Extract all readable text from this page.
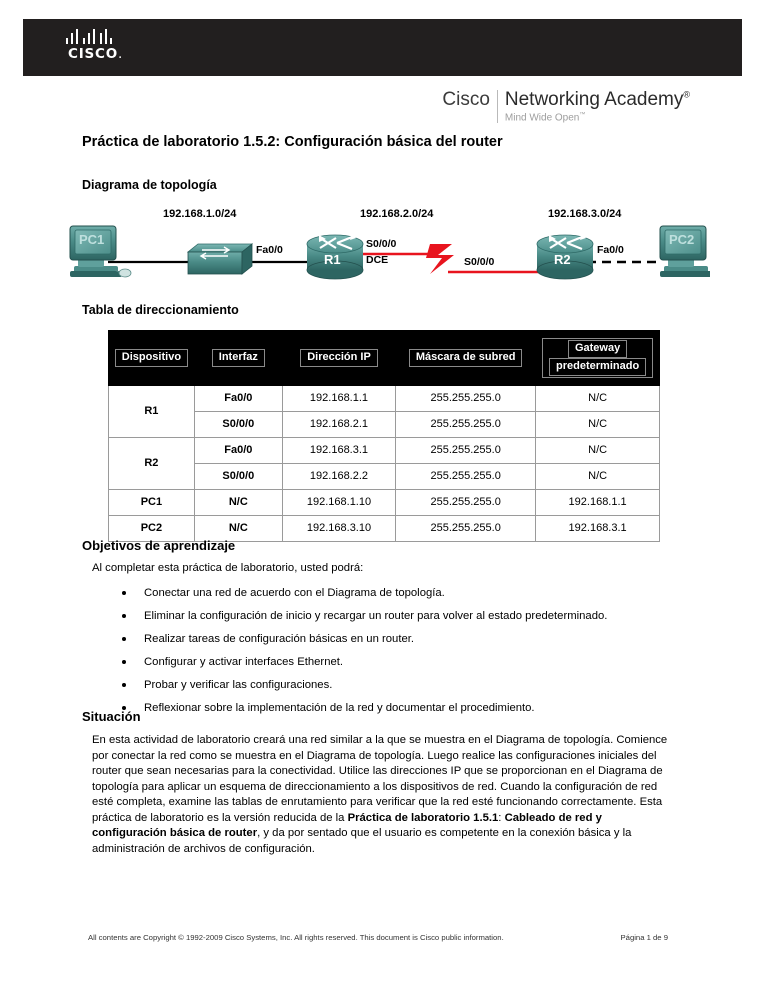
CISCO.
Cisco Networking Academy®
Mind Wide Open™
Práctica de laboratorio 1.5.2: Configuración básica del router
Diagrama de topología
192.168.1.0/24	192.168.2.0/24	192.168.3.0/24
PC1
R1	R2
PC2
Fa0/0	S0/0/0
DCE	S0/0/0
Fa0/0
Tabla de direccionamiento
Dispositivo	Interfaz	Dirección IP	Máscara de subred	Gateway
predeterminado
R1	Fa0/0	192.168.1.1	255.255.255.0	N/C
	S0/0/0	192.168.2.1	255.255.255.0	N/C
R2	Fa0/0	192.168.3.1	255.255.255.0	N/C
	S0/0/0	192.168.2.2	255.255.255.0	N/C
PC1	N/C	192.168.1.10	255.255.255.0	192.168.1.1
PC2	N/C	192.168.3.10	255.255.255.0	192.168.3.1
Objetivos de aprendizaje
Al completar esta práctica de laboratorio, usted podrá:
Conectar una red de acuerdo con el Diagrama de topología.
Eliminar la configuración de inicio y recargar un router para volver al estado predeterminado.
Realizar tareas de configuración básicas en un router.
Configurar y activar interfaces Ethernet.
Probar y verificar las configuraciones.
Reflexionar sobre la implementación de la red y documentar el procedimiento.
Situación
En esta actividad de laboratorio creará una red similar a la que se muestra en el Diagrama de topología. Comience por conectar la red como se muestra en el Diagrama de topología. Luego realice las configuraciones iniciales del router que sean necesarias para la conectividad. Utilice las direcciones IP que se proporcionan en el Diagrama de topología para aplicar un esquema de direccionamiento a los dispositivos de red. Cuando la configuración de red esté completa, examine las tablas de enrutamiento para verificar que la red esté funcionando correctamente. Esta práctica de laboratorio es la versión reducida de la Práctica de laboratorio 1.5.1: Cableado de red y configuración básica de router, y da por sentado que el usuario es competente en la conexión básica y la administración de archivos de configuración.
All contents are Copyright © 1992-2009 Cisco Systems, Inc. All rights reserved. This document is Cisco public information.	Página 1 de 9
